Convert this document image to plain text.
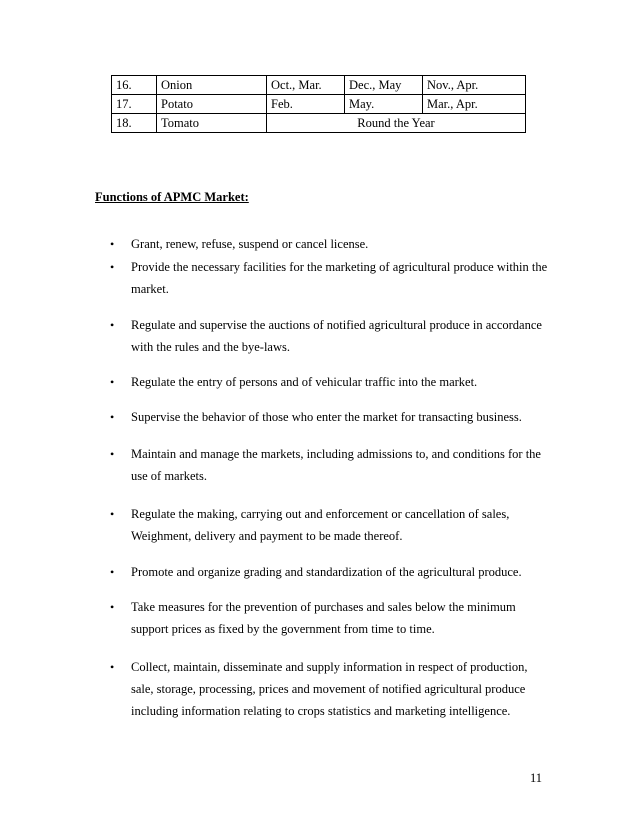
16.	Onion	Oct., Mar.	Dec., May	Nov., Apr.
17.	Potato	Feb.	May.	Mar., Apr.
18.	Tomato	Round the Year		
Functions of APMC Market:
• Grant, renew, refuse, suspend or cancel license.
• Provide the necessary facilities for the marketing of agricultural produce within the market.
• Regulate and supervise the auctions of notified agricultural produce in accordance with the rules and the bye-laws.
• Regulate the entry of persons and of vehicular traffic into the market.
• Supervise the behavior of those who enter the market for transacting business.
• Maintain and manage the markets, including admissions to, and conditions for the use of markets.
• Regulate the making, carrying out and enforcement or cancellation of sales, Weighment, delivery and payment to be made thereof.
• Promote and organize grading and standardization of the agricultural produce.
• Take measures for the prevention of purchases and sales below the minimum support prices as fixed by the government from time to time.
• Collect, maintain, disseminate and supply information in respect of production, sale, storage, processing, prices and movement of notified agricultural produce including information relating to crops statistics and marketing intelligence.
11
